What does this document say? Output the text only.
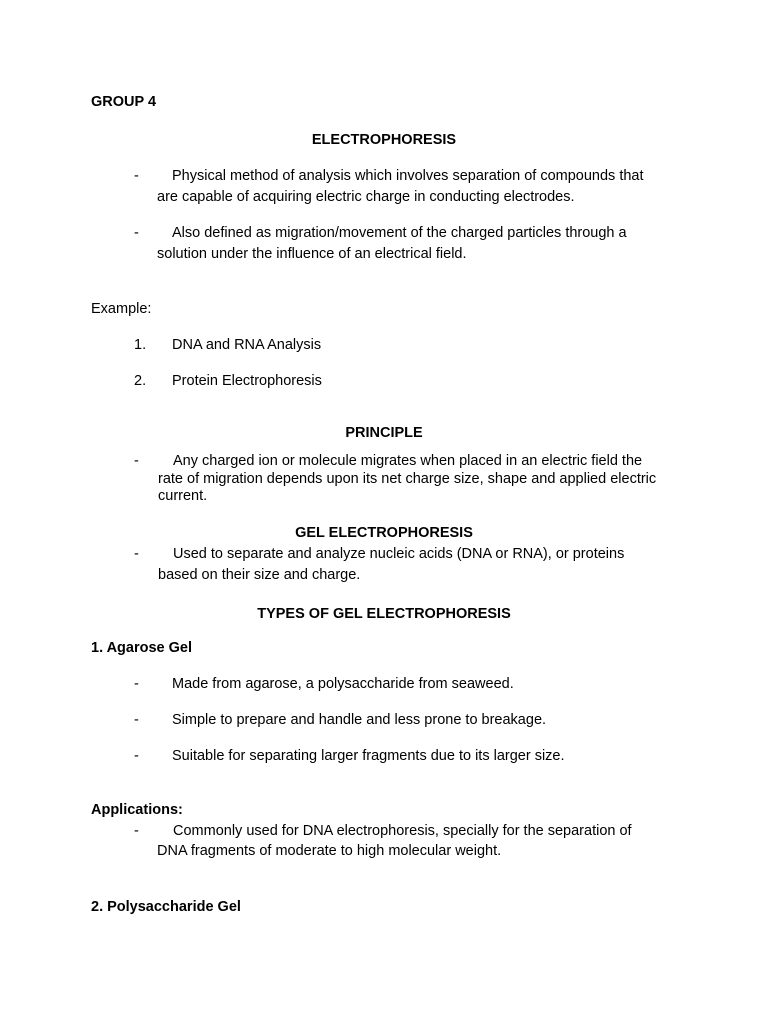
GROUP 4
ELECTROPHORESIS
- Physical method of analysis which involves separation of compounds that
are capable of acquiring electric charge in conducting electrodes.
- Also defined as migration/movement of the charged particles through a
solution under the influence of an electrical field.
Example:
1. DNA and RNA Analysis
2. Protein Electrophoresis
PRINCIPLE
- Any charged ion or molecule migrates when placed in an electric field the
rate of migration depends upon its net charge size, shape and applied electric
current.
GEL ELECTROPHORESIS
- Used to separate and analyze nucleic acids (DNA or RNA), or proteins
based on their size and charge.
TYPES OF GEL ELECTROPHORESIS
1. Agarose Gel
- Made from agarose, a polysaccharide from seaweed.
- Simple to prepare and handle and less prone to breakage.
- Suitable for separating larger fragments due to its larger size.
Applications:
- Commonly used for DNA electrophoresis, specially for the separation of
DNA fragments of moderate to high molecular weight.
2. Polysaccharide Gel
